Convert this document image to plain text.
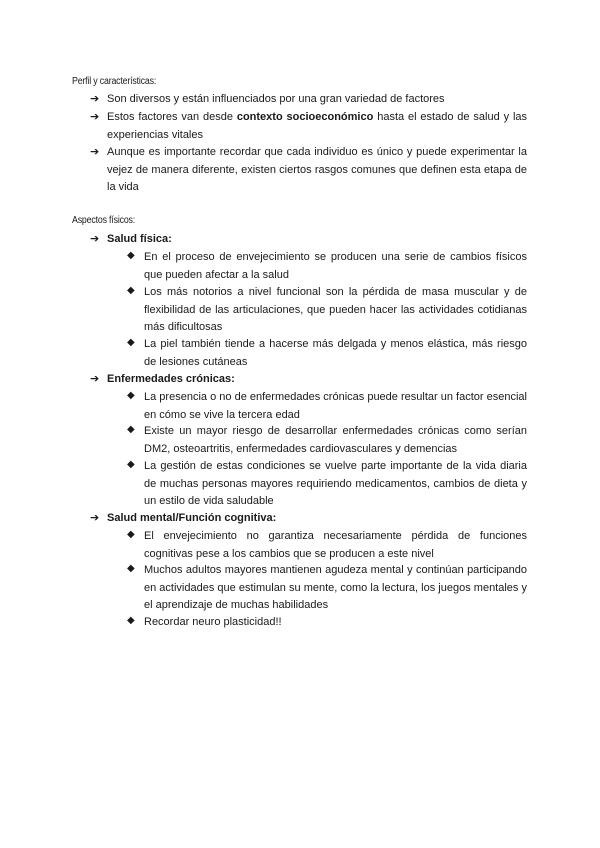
Perfil y características:
➔ Son diversos y están influenciados por una gran variedad de factores
➔ Estos factores van desde contexto socioeconómico hasta el estado de salud y las experiencias vitales
➔ Aunque es importante recordar que cada individuo es único y puede experimentar la vejez de manera diferente, existen ciertos rasgos comunes que definen esta etapa de la vida
Aspectos físicos:
➔ Salud física:
◆ En el proceso de envejecimiento se producen una serie de cambios físicos que pueden afectar a la salud
◆ Los más notorios a nivel funcional son la pérdida de masa muscular y de flexibilidad de las articulaciones, que pueden hacer las actividades cotidianas más dificultosas
◆ La piel también tiende a hacerse más delgada y menos elástica, más riesgo de lesiones cutáneas
➔ Enfermedades crónicas:
◆ La presencia o no de enfermedades crónicas puede resultar un factor esencial en cómo se vive la tercera edad
◆ Existe un mayor riesgo de desarrollar enfermedades crónicas como serían DM2, osteoartritis, enfermedades cardiovasculares y demencias
◆ La gestión de estas condiciones se vuelve parte importante de la vida diaria de muchas personas mayores requiriendo medicamentos, cambios de dieta y un estilo de vida saludable
➔ Salud mental/Función cognitiva:
◆ El envejecimiento no garantiza necesariamente pérdida de funciones cognitivas pese a los cambios que se producen a este nivel
◆ Muchos adultos mayores mantienen agudeza mental y continúan participando en actividades que estimulan su mente, como la lectura, los juegos mentales y el aprendizaje de muchas habilidades
◆ Recordar neuro plasticidad!!
